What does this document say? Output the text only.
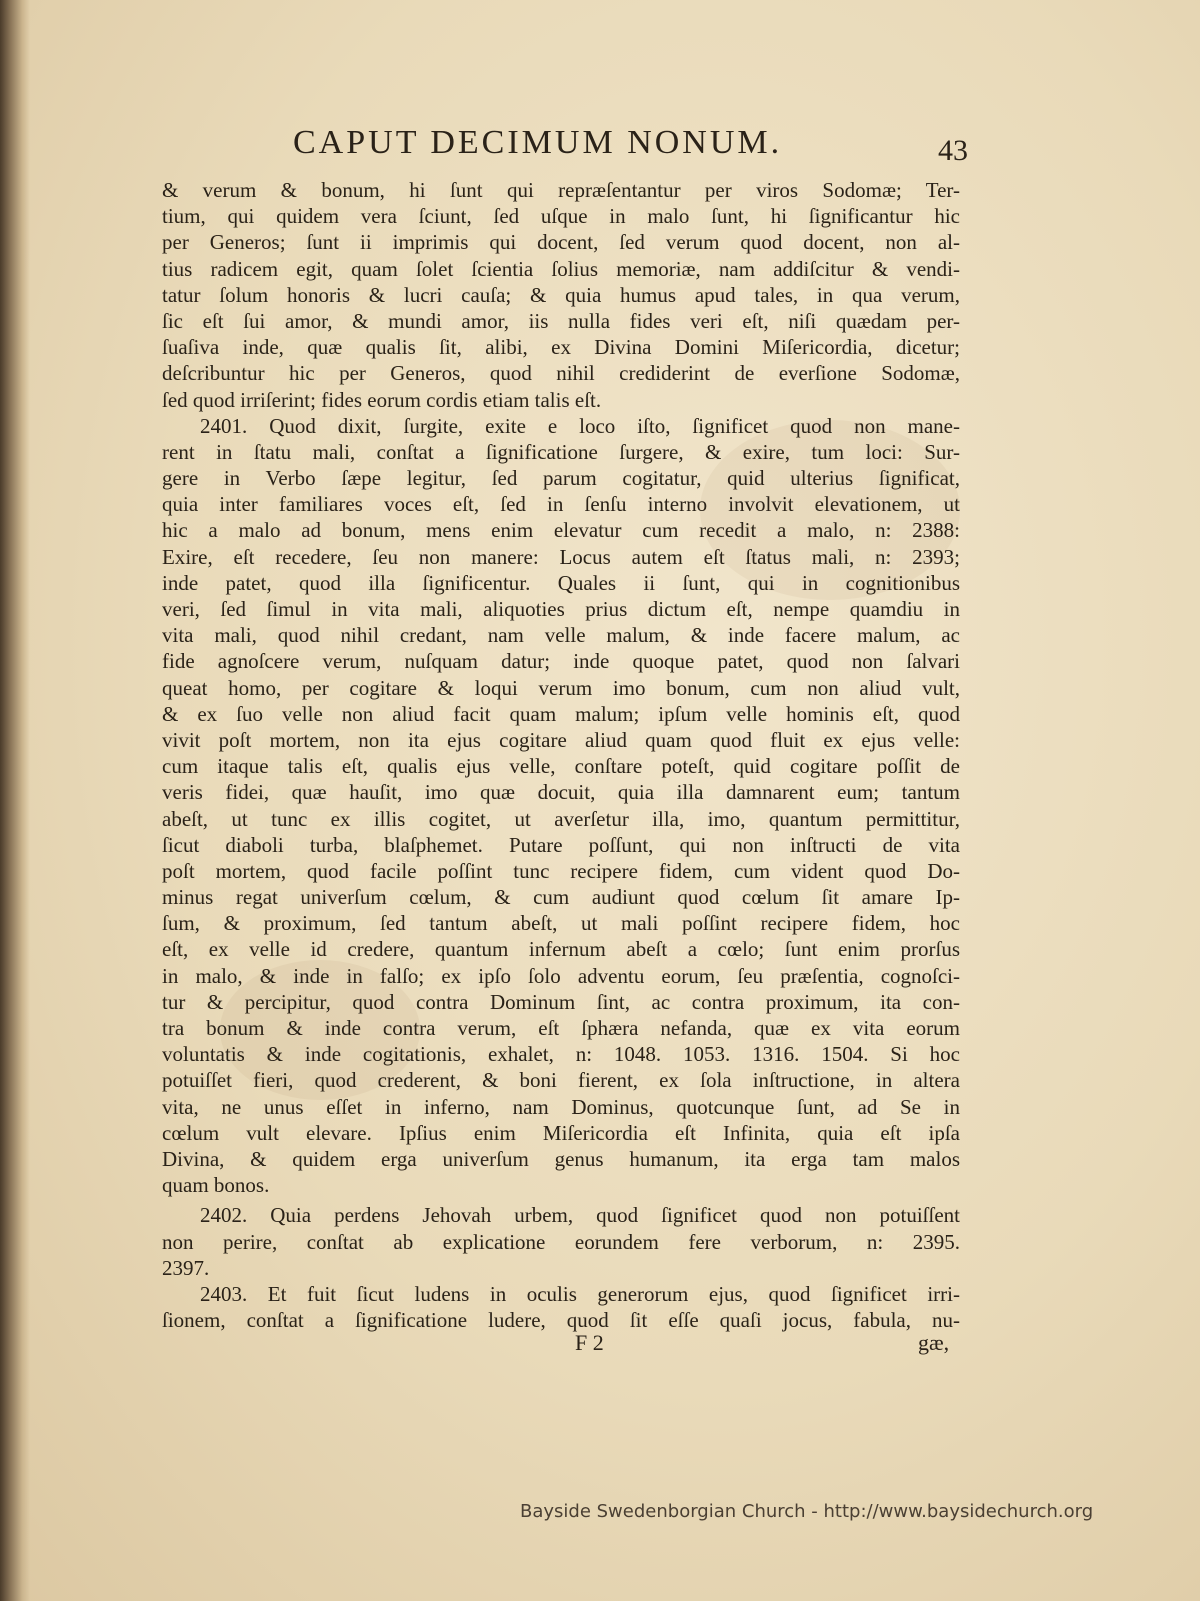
CAPUT DECIMUM NONUM.	43
& verum & bonum, hi ſunt qui repræſentantur per viros Sodomæ; Ter-
tium, qui quidem vera ſciunt, ſed uſque in malo ſunt, hi ſignificantur hic
per Generos; ſunt ii imprimis qui docent, ſed verum quod docent, non al-
tius radicem egit, quam ſolet ſcientia ſolius memoriæ, nam addiſcitur & vendi-
tatur ſolum honoris & lucri cauſa; & quia humus apud tales, in qua verum,
ſic eſt ſui amor, & mundi amor, iis nulla fides veri eſt, niſi quædam per-
ſuaſiva inde, quæ qualis ſit, alibi, ex Divina Domini Miſericordia, dicetur;
deſcribuntur hic per Generos, quod nihil crediderint de everſione Sodomæ,
ſed quod irriſerint; fides eorum cordis etiam talis eſt.
2401. Quod dixit, ſurgite, exite e loco iſto, ſignificet quod non mane-
rent in ſtatu mali, conſtat a ſignificatione ſurgere, & exire, tum loci: Sur-
gere in Verbo ſæpe legitur, ſed parum cogitatur, quid ulterius ſignificat,
quia inter familiares voces eſt, ſed in ſenſu interno involvit elevationem, ut
hic a malo ad bonum, mens enim elevatur cum recedit a malo, n: 2388:
Exire, eſt recedere, ſeu non manere: Locus autem eſt ſtatus mali, n: 2393;
inde patet, quod illa ſignificentur. Quales ii ſunt, qui in cognitionibus
veri, ſed ſimul in vita mali, aliquoties prius dictum eſt, nempe quamdiu in
vita mali, quod nihil credant, nam velle malum, & inde facere malum, ac
fide agnoſcere verum, nuſquam datur; inde quoque patet, quod non ſalvari
queat homo, per cogitare & loqui verum imo bonum, cum non aliud vult,
& ex ſuo velle non aliud facit quam malum; ipſum velle hominis eſt, quod
vivit poſt mortem, non ita ejus cogitare aliud quam quod fluit ex ejus velle:
cum itaque talis eſt, qualis ejus velle, conſtare poteſt, quid cogitare poſſit de
veris fidei, quæ hauſit, imo quæ docuit, quia illa damnarent eum; tantum
abeſt, ut tunc ex illis cogitet, ut averſetur illa, imo, quantum permittitur,
ſicut diaboli turba, blaſphemet. Putare poſſunt, qui non inſtructi de vita
poſt mortem, quod facile poſſint tunc recipere fidem, cum vident quod Do-
minus regat univerſum cœlum, & cum audiunt quod cœlum ſit amare Ip-
ſum, & proximum, ſed tantum abeſt, ut mali poſſint recipere fidem, hoc
eſt, ex velle id credere, quantum infernum abeſt a cœlo; ſunt enim prorſus
in malo, & inde in falſo; ex ipſo ſolo adventu eorum, ſeu præſentia, cognoſci-
tur & percipitur, quod contra Dominum ſint, ac contra proximum, ita con-
tra bonum & inde contra verum, eſt ſphæra nefanda, quæ ex vita eorum
voluntatis & inde cogitationis, exhalet, n: 1048. 1053. 1316. 1504. Si hoc
potuiſſet fieri, quod crederent, & boni fierent, ex ſola inſtructione, in altera
vita, ne unus eſſet in inferno, nam Dominus, quotcunque ſunt, ad Se in
cœlum vult elevare. Ipſius enim Miſericordia eſt Infinita, quia eſt ipſa
Divina, & quidem erga univerſum genus humanum, ita erga tam malos
quam bonos.
2402. Quia perdens Jehovah urbem, quod ſignificet quod non potuiſſent
non perire, conſtat ab explicatione eorundem fere verborum, n: 2395.
2397.
2403. Et fuit ſicut ludens in oculis generorum ejus, quod ſignificet irri-
ſionem, conſtat a ſignificatione ludere, quod ſit eſſe quaſi jocus, fabula, nu-
F 2	gæ,
Bayside Swedenborgian Church - http://www.baysidechurch.org
